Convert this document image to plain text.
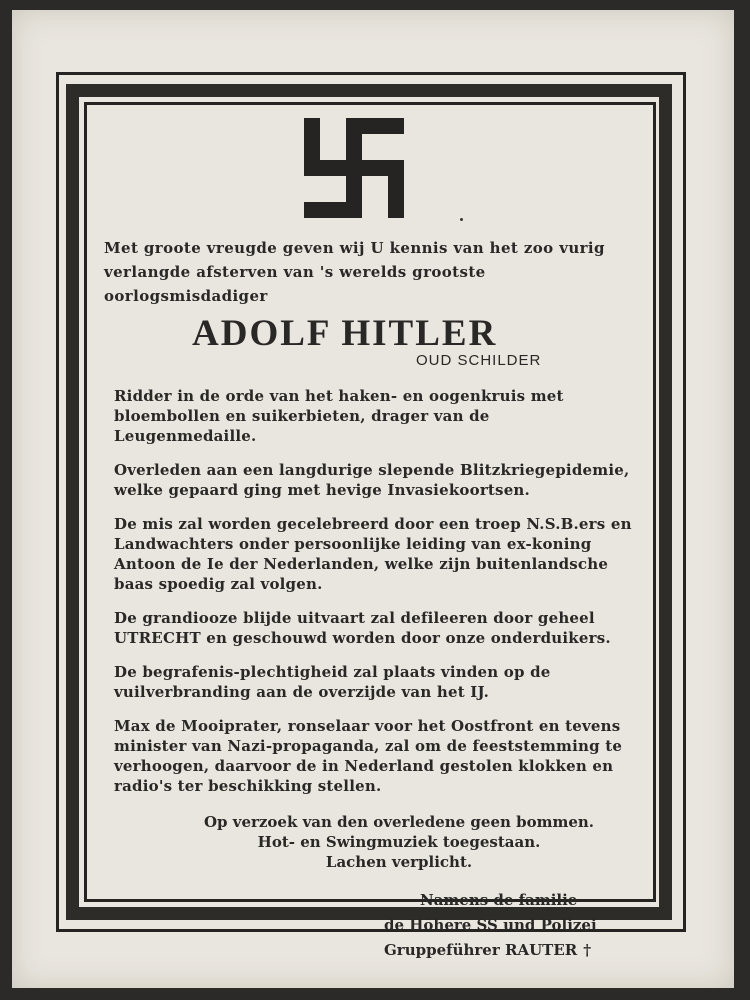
Met groote vreugde geven wij U kennis van het zoo vurig verlangde afsterven van 's werelds grootste oorlogsmisdadiger
ADOLF HITLER
OUD SCHILDER
Ridder in de orde van het haken- en oogenkruis met bloembollen en suikerbieten, drager van de Leugenmedaille.
Overleden aan een langdurige slepende Blitzkriegepidemie, welke gepaard ging met hevige Invasiekoortsen.
De mis zal worden gecelebreerd door een troep N.S.B.ers en Landwachters onder persoonlijke leiding van ex-koning Antoon de Ie der Nederlanden, welke zijn buitenlandsche baas spoedig zal volgen.
De grandiooze blijde uitvaart zal defileeren door geheel UTRECHT en geschouwd worden door onze onderduikers.
De begrafenis-plechtigheid zal plaats vinden op de vuilverbranding aan de overzijde van het IJ.
Max de Mooiprater, ronselaar voor het Oostfront en tevens minister van Nazi-propaganda, zal om de feeststemming te verhoogen, daarvoor de in Nederland gestolen klokken en radio's ter beschikking stellen.
Op verzoek van den overledene geen bommen.
Hot- en Swingmuziek toegestaan.
Lachen verplicht.
Namens de familie
de Höhere SS und Polizei
Gruppeführer RAUTER †
